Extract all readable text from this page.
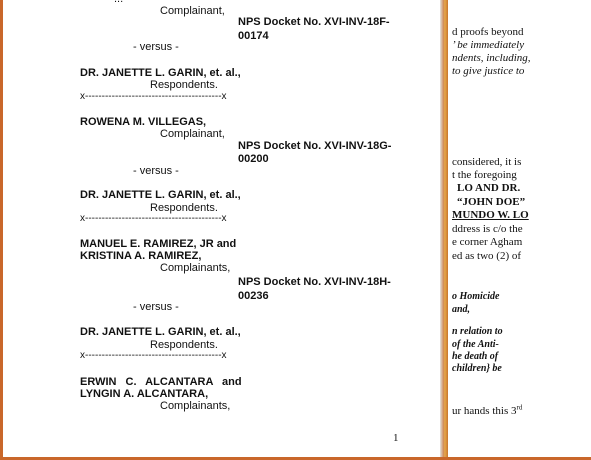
Complainant,
NPS Docket No. XVI-INV-18F-
00174
- versus -
DR. JANETTE L. GARIN, et. al.,
Respondents.
x-----------------------------------------x
ROWENA M. VILLEGAS,
Complainant,
NPS Docket No. XVI-INV-18G-
00200
- versus -
DR. JANETTE L. GARIN, et. al.,
Respondents.
x-----------------------------------------x
MANUEL E. RAMIREZ, JR and
KRISTINA A. RAMIREZ,
Complainants,
NPS Docket No. XVI-INV-18H-
00236
- versus -
DR. JANETTE L. GARIN, et. al.,
Respondents.
x-----------------------------------------x
ERWIN C. ALCANTARA and
LYNGIN A. ALCANTARA,
Complainants,
1
d proofs beyond
’ be immediately
ndents, including,
to give justice to
considered, it is
t the foregoing
LO AND DR.
“JOHN DOE”
MUNDO W. LO
ddress is c/o the
e corner Agham
ed as two (2) of
o Homicide
and,
n relation to
of the Anti-
he death of
children} be
ur hands this 3rd
